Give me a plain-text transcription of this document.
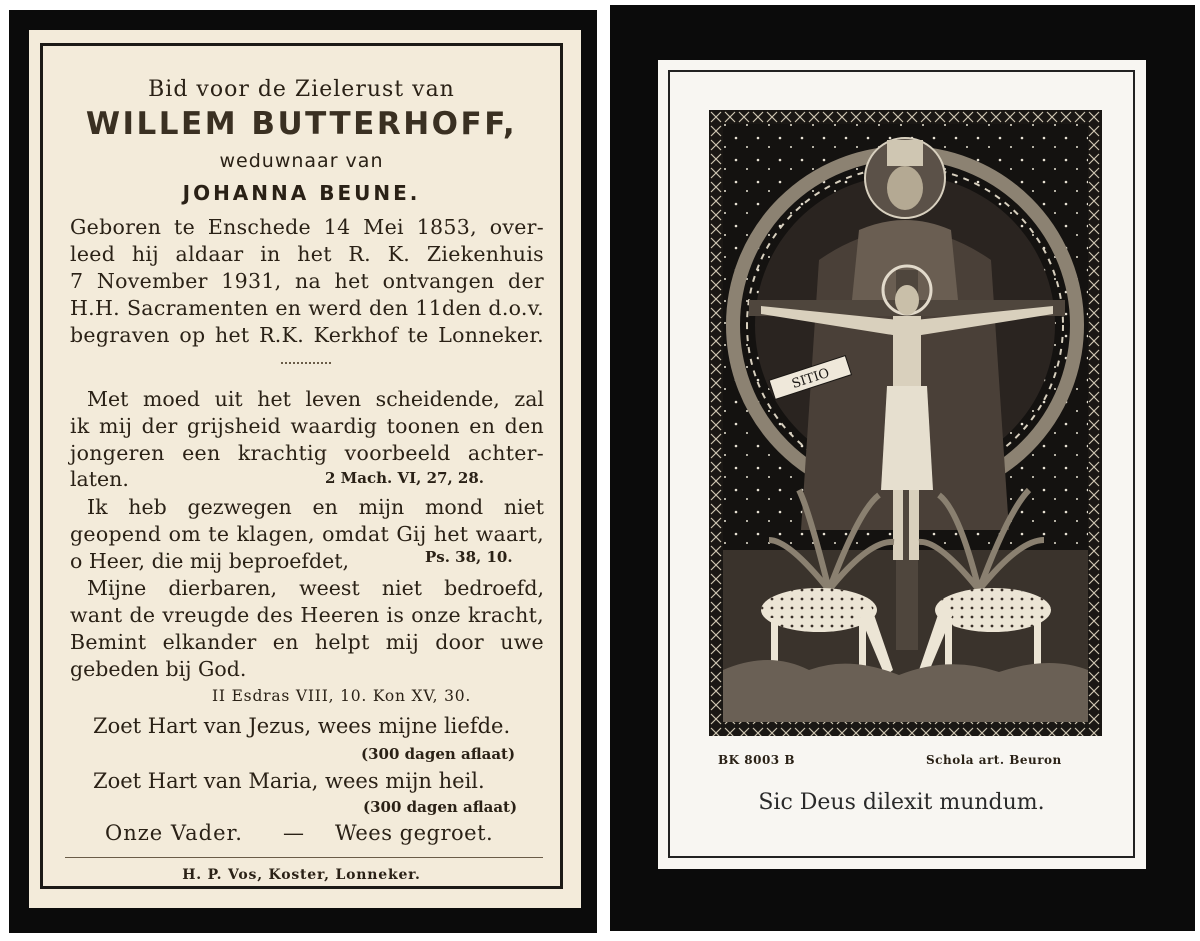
Bid voor de Zielerust van
WILLEM BUTTERHOFF,
weduwnaar van
JOHANNA BEUNE.
Geboren te Enschede 14 Mei 1853, over-
leed hij aldaar in het R. K. Ziekenhuis
7 November 1931, na het ontvangen der
H.H. Sacramenten en werd den 11den d.o.v.
begraven op het R.K. Kerkhof te Lonneker.
Met moed uit het leven scheidende, zal
ik mij der grijsheid waardig toonen en den
jongeren een krachtig voorbeeld achter-
laten.	2 Mach. VI, 27, 28.
Ik heb gezwegen en mijn mond niet
geopend om te klagen, omdat Gij het waart,
o Heer, die mij beproefdet,	Ps. 38, 10.
Mijne dierbaren, weest niet bedroefd,
want de vreugde des Heeren is onze kracht,
Bemint elkander en helpt mij door uwe
gebeden bij God.
II Esdras VIII, 10. Kon XV, 30.
Zoet Hart van Jezus, wees mijne liefde.
(300 dagen aflaat)
Zoet Hart van Maria, wees mijn heil.
(300 dagen aflaat)
Onze Vader. — Wees gegroet.
H. P. Vos, Koster, Lonneker.
SITIO
BK 8003 B	Schola art. Beuron
Sic Deus dilexit mundum.
